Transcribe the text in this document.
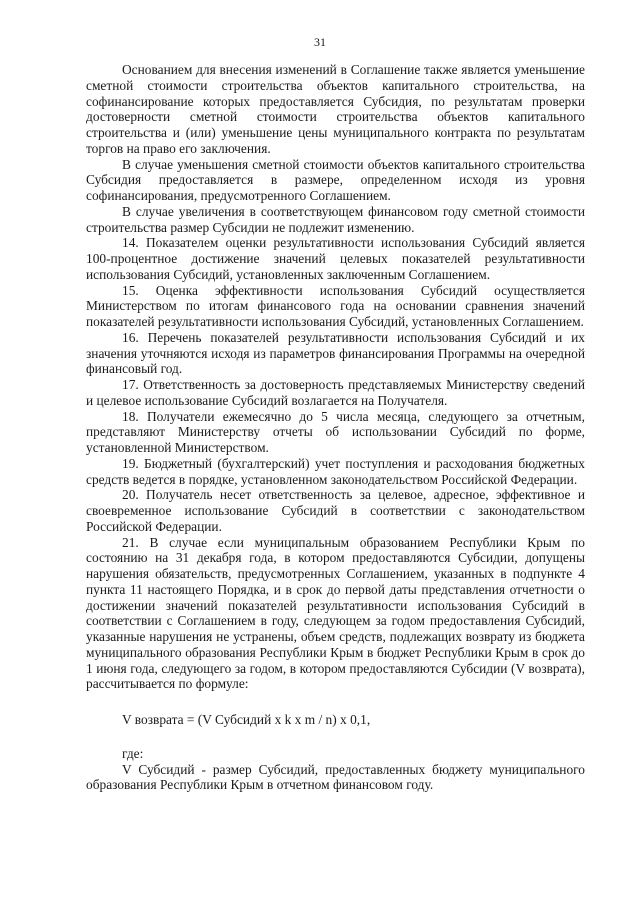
31

Основанием для внесения изменений в Соглашение также является уменьшение сметной стоимости строительства объектов капитального строительства, на софинансирование которых предоставляется Субсидия, по результатам проверки достоверности сметной стоимости строительства объектов капитального строительства и (или) уменьшение цены муниципального контракта по результатам торгов на право его заключения.

В случае уменьшения сметной стоимости объектов капитального строительства Субсидия предоставляется в размере, определенном исходя из уровня софинансирования, предусмотренного Соглашением.

В случае увеличения в соответствующем финансовом году сметной стоимости строительства размер Субсидии не подлежит изменению.

14. Показателем оценки результативности использования Субсидий является 100-процентное достижение значений целевых показателей результативности использования Субсидий, установленных заключенным Соглашением.

15. Оценка эффективности использования Субсидий осуществляется Министерством по итогам финансового года на основании сравнения значений показателей результативности использования Субсидий, установленных Соглашением.

16. Перечень показателей результативности использования Субсидий и их значения уточняются исходя из параметров финансирования Программы на очередной финансовый год.

17. Ответственность за достоверность представляемых Министерству сведений и целевое использование Субсидий возлагается на Получателя.

18. Получатели ежемесячно до 5 числа месяца, следующего за отчетным, представляют Министерству отчеты об использовании Субсидий по форме, установленной Министерством.

19. Бюджетный (бухгалтерский) учет поступления и расходования бюджетных средств ведется в порядке, установленном законодательством Российской Федерации.

20. Получатель несет ответственность за целевое, адресное, эффективное и своевременное использование Субсидий в соответствии с законодательством Российской Федерации.

21. В случае если муниципальным образованием Республики Крым по состоянию на 31 декабря года, в котором предоставляются Субсидии, допущены нарушения обязательств, предусмотренных Соглашением, указанных в подпункте 4 пункта 11 настоящего Порядка, и в срок до первой даты представления отчетности о достижении значений показателей результативности использования Субсидий в соответствии с Соглашением в году, следующем за годом предоставления Субсидий, указанные нарушения не устранены, объем средств, подлежащих возврату из бюджета муниципального образования Республики Крым в бюджет Республики Крым в срок до 1 июня года, следующего за годом, в котором предоставляются Субсидии (V возврата), рассчитывается по формуле:

V возврата = (V Субсидий x k x m / n) x 0,1,

где:

V Субсидий - размер Субсидий, предоставленных бюджету муниципального образования Республики Крым в отчетном финансовом году.
